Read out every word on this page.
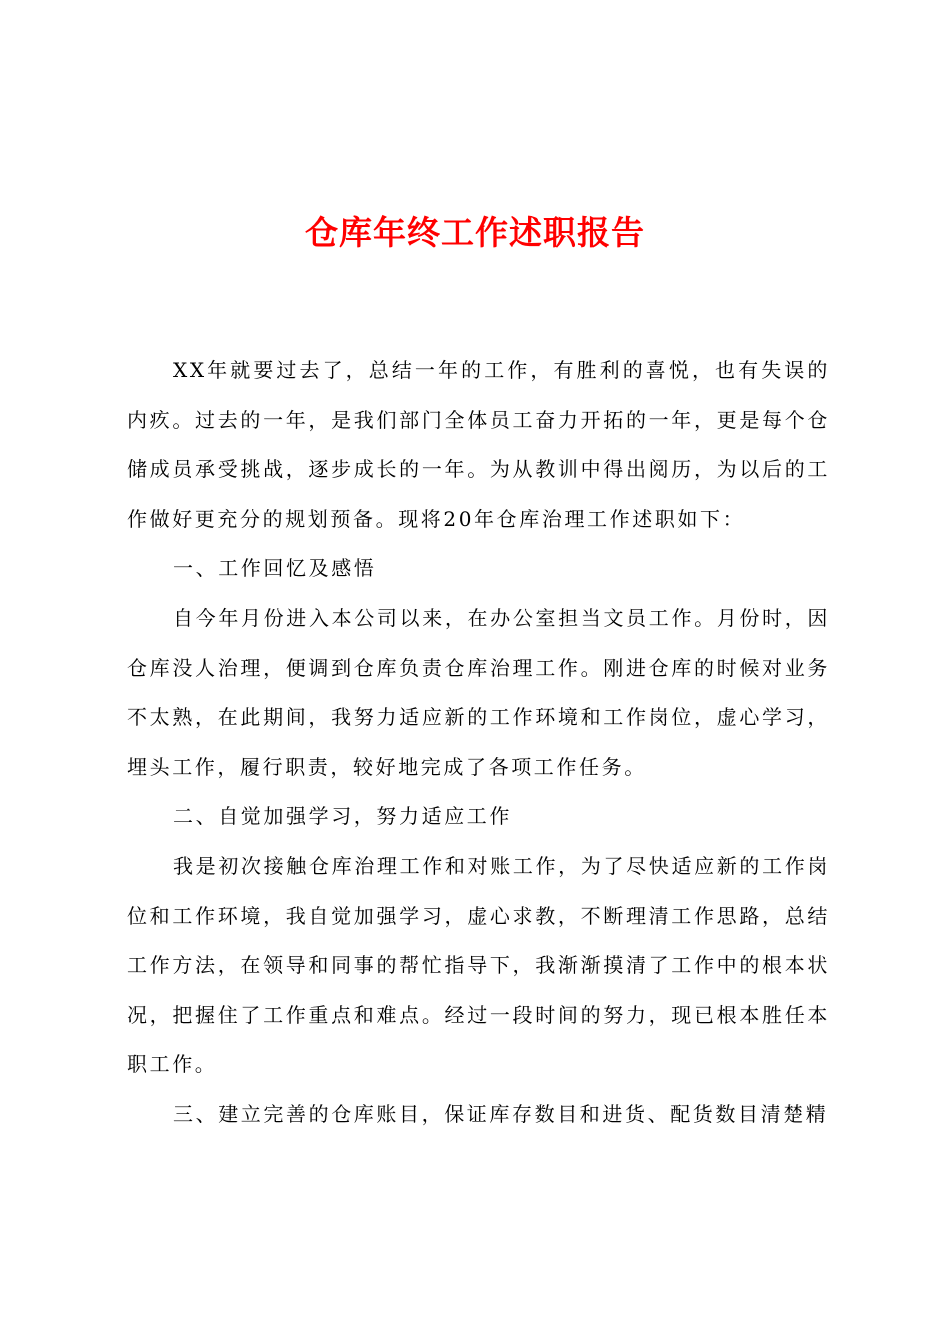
仓库年终工作述职报告

XX年就要过去了，总结一年的工作，有胜利的喜悦，也有失误的内疚。过去的一年，是我们部门全体员工奋力开拓的一年，更是每个仓储成员承受挑战，逐步成长的一年。为从教训中得出阅历，为以后的工作做好更充分的规划预备。现将20年仓库治理工作述职如下：

一、工作回忆及感悟

自今年月份进入本公司以来，在办公室担当文员工作。月份时，因仓库没人治理，便调到仓库负责仓库治理工作。刚进仓库的时候对业务不太熟，在此期间，我努力适应新的工作环境和工作岗位，虚心学习，埋头工作，履行职责，较好地完成了各项工作任务。

二、自觉加强学习，努力适应工作

我是初次接触仓库治理工作和对账工作，为了尽快适应新的工作岗位和工作环境，我自觉加强学习，虚心求教，不断理清工作思路，总结工作方法，在领导和同事的帮忙指导下，我渐渐摸清了工作中的根本状况，把握住了工作重点和难点。经过一段时间的努力，现已根本胜任本职工作。

三、建立完善的仓库账目，保证库存数目和进货、配货数目清楚精
